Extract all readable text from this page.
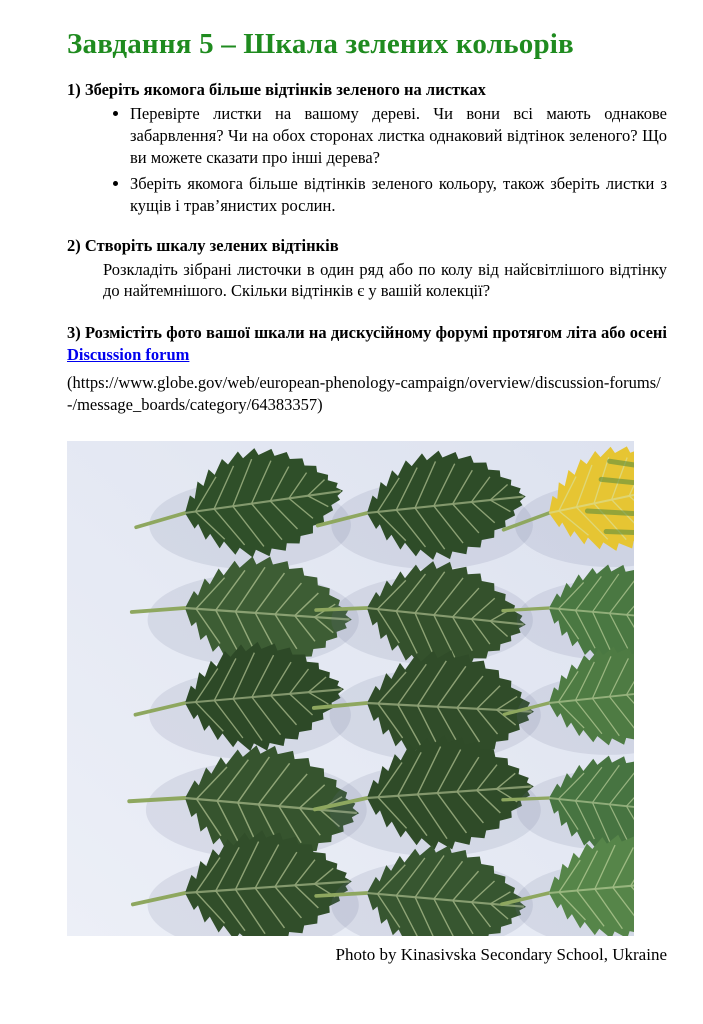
Завдання 5 – Шкала зелених кольорів
1) Зберіть якомога більше відтінків зеленого на листках
• Перевірте листки на вашому дереві. Чи вони всі мають однакове забарвлення? Чи на обох сторонах листка однаковий відтінок зеленого? Що ви можете сказати про інші дерева?
• Зберіть якомога більше відтінків зеленого кольору, також зберіть листки з кущів і трав’янистих рослин.
2) Створіть шкалу зелених відтінків

Розкладіть зібрані листочки в один ряд або по колу від найсвітлішого відтінку до найтемнішого. Скільки відтінків є у вашій колекції?

3) Розмістіть фото вашої шкали на дискусійному форумі протягом літа або осені Discussion forum

(https://www.globe.gov/web/european-phenology-campaign/overview/discussion-forums/-/message_boards/category/64383357)

Photo by Kinasivska Secondary School, Ukraine
